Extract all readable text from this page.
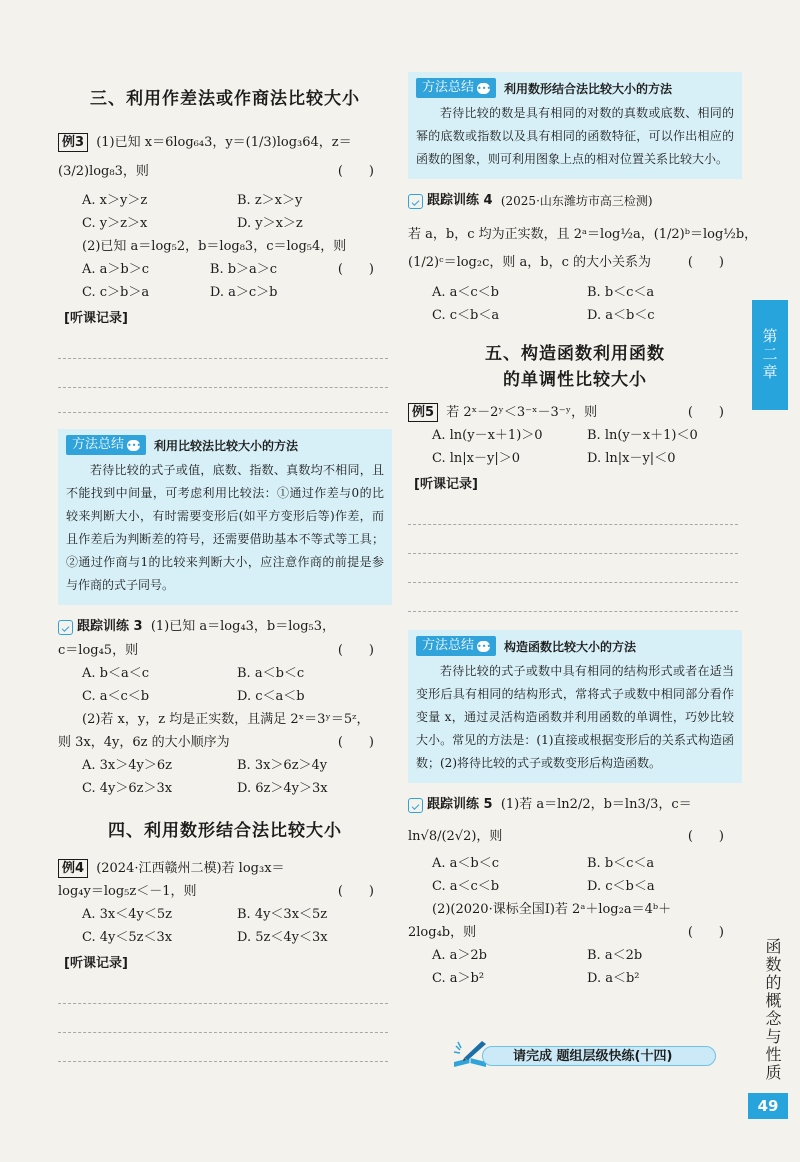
三、利用作差法或作商法比较大小

例3 (1)已知 x＝6log₆₄3，y＝(1/3)log₃64，z＝

(3/2)log₈3，则	(　　)

A. x＞y＞z	B. z＞x＞y
C. y＞z＞x	D. y＞x＞z

(2)已知 a＝log₅2，b＝log₈3，c＝log₅4，则
(　　)

A. a＞b＞c	B. b＞a＞c
C. c＞b＞a	D. a＞c＞b
[听课记录]
方法总结 ••• 利用比较法比较大小的方法

若待比较的式子或值，底数、指数、真数均不相同，且不能找到中间量，可考虑利用比较法：①通过作差与0的比较来判断大小，有时需要变形后(如平方变形后等)作差，而且作差后为判断差的符号，还需要借助基本不等式等工具；②通过作商与1的比较来判断大小，应注意作商的前提是参与作商的式子同号。

跟踪训练 3
(1)已知 a＝log₄3，b＝log₅3，

c＝log₄5，则	(　　)

A. b＜a＜c	B. a＜b＜c
C. a＜c＜b	D. c＜a＜b

(2)若 x，y，z 均是正实数，且满足 2ˣ＝3ʸ＝5ᶻ，

则 3x，4y，6z 的大小顺序为	(　　)

A. 3x＞4y＞6z	B. 3x＞6z＞4y
C. 4y＞6z＞3x	D. 6z＞4y＞3x
四、利用数形结合法比较大小

例4 (2024·江西赣州二模)若 log₃x＝

log₄y＝log₅z＜－1，则	(　　)

A. 3x＜4y＜5z	B. 4y＜3x＜5z
C. 4y＜5z＜3x	D. 5z＜4y＜3x
[听课记录]
方法总结 ••• 利用数形结合法比较大小的方法

若待比较的数是具有相同的对数的真数或底数、相同的幂的底数或指数以及具有相同的函数特征，可以作出相应的函数的图象，则可利用图象上点的相对位置关系比较大小。

跟踪训练 4
(2025·山东潍坊市高三检测)

若 a，b，c 均为正实数，且 2ᵃ＝log½a，(1/2)ᵇ＝log½b，

(1/2)ᶜ＝log₂c，则 a，b，c 的大小关系为	(　　)

A. a＜c＜b	B. b＜c＜a
C. c＜b＜a	D. a＜b＜c
五、构造函数利用函数
的单调性比较大小

例5 若 2ˣ－2ʸ＜3⁻ˣ－3⁻ʸ，则	(　　)

A. ln(y－x＋1)＞0	B. ln(y－x＋1)＜0
C. ln|x－y|＞0	D. ln|x－y|＜0
[听课记录]
方法总结 ••• 构造函数比较大小的方法

若待比较的式子或数中具有相同的结构形式或者在适当变形后具有相同的结构形式，常将式子或数中相同部分看作变量 x，通过灵活构造函数并利用函数的单调性，巧妙比较大小。常见的方法是：(1)直接或根据变形后的关系式构造函数；(2)将待比较的式子或数变形后构造函数。

跟踪训练 5
(1)若 a＝ln2/2，b＝ln3/3，c＝

ln√8/(2√2)，则	(　　)

A. a＜b＜c	B. b＜c＜a
C. a＜c＜b	D. c＜b＜a

(2)(2020·课标全国Ⅰ)若 2ᵃ＋log₂a＝4ᵇ＋

2log₄b，则	(　　)

A. a＞2b	B. a＜2b
C. a＞b²	D. a＜b²
第二章
函数的概念与性质
请完成 题组层级快练(十四)
49
